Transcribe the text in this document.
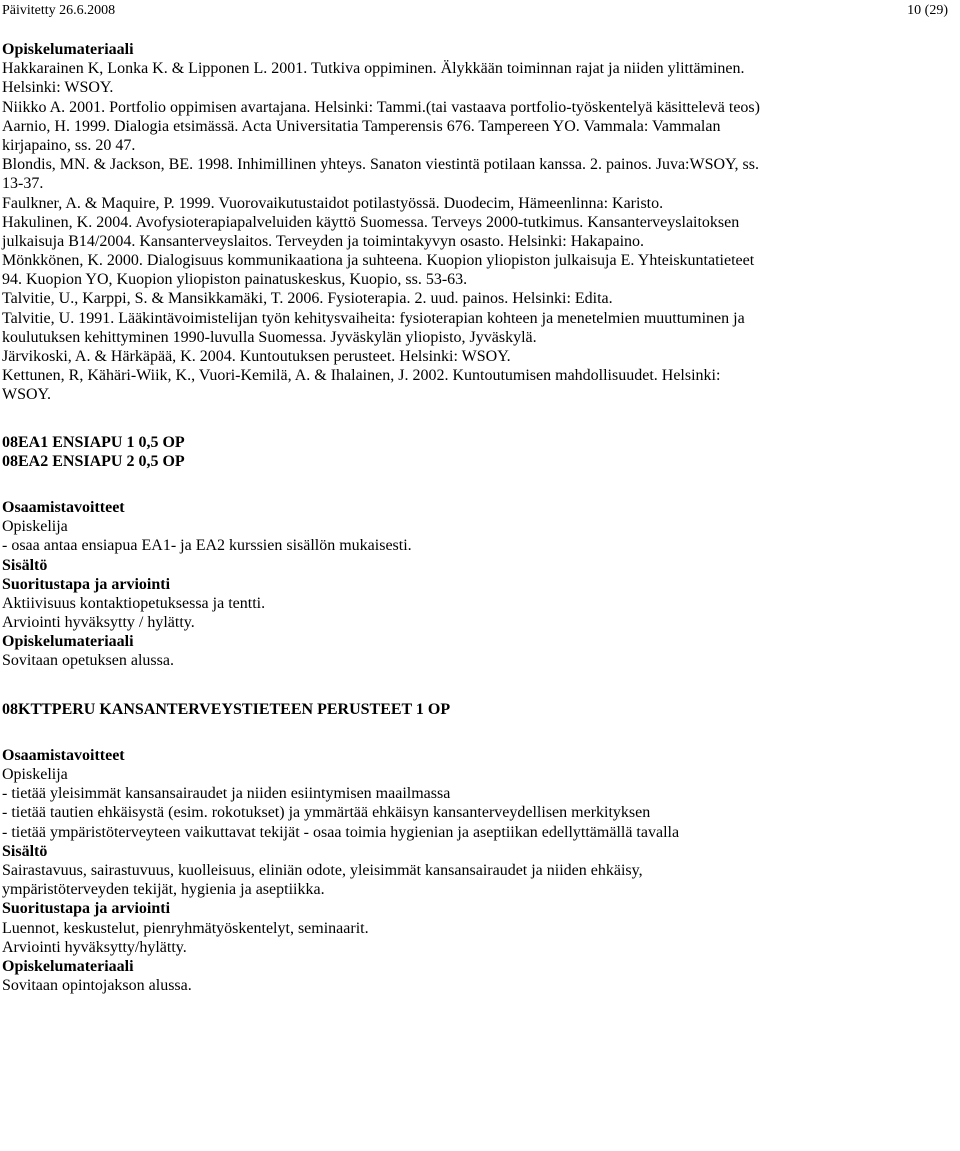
Päivitetty 26.6.2008	10 (29)
Opiskelumateriaali
Hakkarainen K, Lonka K. & Lipponen L. 2001. Tutkiva oppiminen. Älykkään toiminnan rajat ja niiden ylittäminen.
Helsinki: WSOY.
Niikko A. 2001. Portfolio oppimisen avartajana. Helsinki: Tammi.(tai vastaava portfolio-työskentelyä käsittelevä teos)
Aarnio, H. 1999. Dialogia etsimässä. Acta Universitatia Tamperensis 676. Tampereen YO. Vammala: Vammalan
kirjapaino, ss. 20 47.
Blondis, MN. & Jackson, BE. 1998. Inhimillinen yhteys. Sanaton viestintä potilaan kanssa. 2. painos. Juva:WSOY, ss.
13-37.
Faulkner, A. & Maquire, P. 1999. Vuorovaikutustaidot potilastyössä. Duodecim, Hämeenlinna: Karisto.
Hakulinen, K. 2004. Avofysioterapiapalveluiden käyttö Suomessa. Terveys 2000-tutkimus. Kansanterveyslaitoksen
julkaisuja B14/2004. Kansanterveyslaitos. Terveyden ja toimintakyvyn osasto. Helsinki: Hakapaino.
Mönkkönen, K. 2000. Dialogisuus kommunikaationa ja suhteena. Kuopion yliopiston julkaisuja E. Yhteiskuntatieteet
94. Kuopion YO, Kuopion yliopiston painatuskeskus, Kuopio, ss. 53-63.
Talvitie, U., Karppi, S. & Mansikkamäki, T. 2006. Fysioterapia. 2. uud. painos. Helsinki: Edita.
Talvitie, U. 1991. Lääkintävoimistelijan työn kehitysvaiheita: fysioterapian kohteen ja menetelmien muuttuminen ja
koulutuksen kehittyminen 1990-luvulla Suomessa. Jyväskylän yliopisto, Jyväskylä.
Järvikoski, A. & Härkäpää, K. 2004. Kuntoutuksen perusteet. Helsinki: WSOY.
Kettunen, R, Kähäri-Wiik, K., Vuori-Kemilä, A. & Ihalainen, J. 2002. Kuntoutumisen mahdollisuudet. Helsinki:
WSOY.
08EA1 ENSIAPU 1 0,5 OP
08EA2 ENSIAPU 2 0,5 OP
Osaamistavoitteet
Opiskelija
- osaa antaa ensiapua EA1- ja EA2 kurssien sisällön mukaisesti.
Sisältö
Suoritustapa ja arviointi
Aktiivisuus kontaktiopetuksessa ja tentti.
Arviointi hyväksytty / hylätty.
Opiskelumateriaali
Sovitaan opetuksen alussa.
08KTTPERU KANSANTERVEYSTIETEEN PERUSTEET 1 OP
Osaamistavoitteet
Opiskelija
- tietää yleisimmät kansansairaudet ja niiden esiintymisen maailmassa
- tietää tautien ehkäisystä (esim. rokotukset) ja ymmärtää ehkäisyn kansanterveydellisen merkityksen
- tietää ympäristöterveyteen vaikuttavat tekijät - osaa toimia hygienian ja aseptiikan edellyttämällä tavalla
Sisältö
Sairastavuus, sairastuvuus, kuolleisuus, eliniän odote, yleisimmät kansansairaudet ja niiden ehkäisy,
ympäristöterveyden tekijät, hygienia ja aseptiikka.
Suoritustapa ja arviointi
Luennot, keskustelut, pienryhmätyöskentelyt, seminaarit.
Arviointi hyväksytty/hylätty.
Opiskelumateriaali
Sovitaan opintojakson alussa.
